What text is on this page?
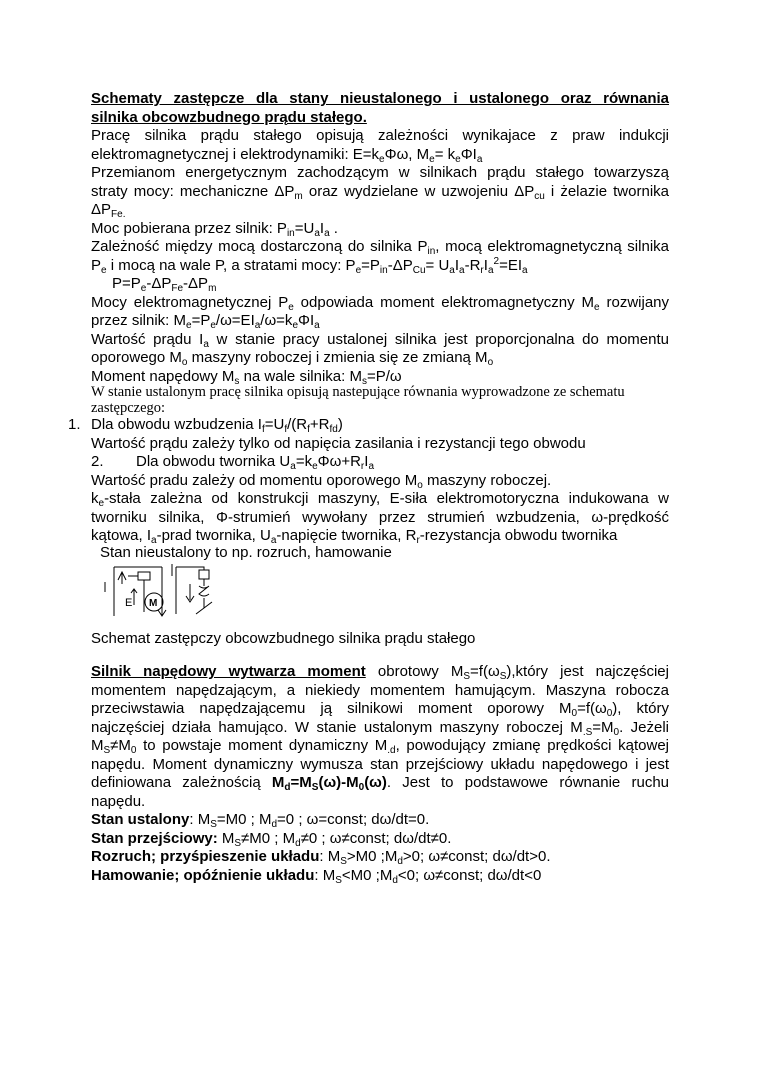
Schematy zastępcze dla stany nieustalonego i ustalonego oraz równania
silnika obcowzbudnego prądu stałego.
Pracę silnika prądu stałego opisują zależności wynikajace z praw indukcji
elektromagnetycznej i elektrodynamiki: $E=k_e\Phi\omega$, $M_e= k_e\Phi I_a$
Przemianom energetycznym zachodzącym w silnikach prądu stałego towarzyszą
straty mocy: mechaniczne $\Delta P_m$ oraz wydzielane w uzwojeniu $\Delta P_{cu}$ i żelazie twornika
$\Delta P_{Fe.}$
Moc pobierana przez silnik: $P_{in}=U_aI_a$ .
Zależność między mocą dostarczoną do silnika $P_{in}$, mocą elektromagnetyczną silnika
$P_e$ i mocą na wale P, a stratami mocy: $P_e=P_{in}-\Delta P_{Cu}= U_aI_a-R_rI_a^2=EI_a$
$P=P_e-\Delta P_{Fe}-\Delta P_m$
Mocy elektromagnetycznej $P_e$ odpowiada moment elektromagnetyczny $M_e$ rozwijany
przez silnik: $M_e=P_e/\omega=EI_a/\omega=k_e\Phi I_a$
Wartość prądu $I_a$ w stanie pracy ustalonej silnika jest proporcjonalna do momentu
oporowego $M_o$ maszyny roboczej i zmienia się ze zmianą $M_o$
Moment napędowy $M_s$ na wale silnika: $M_s=P/\omega$
W stanie ustalonym pracę silnika opisują nastepujące równania wyprowadzone ze schematu
zastępczego:
1. Dla obwodu wzbudzenia $I_f=U_f/(R_f+R_{fd})$
Wartość prądu zależy tylko od napięcia zasilania i rezystancji tego obwodu
2. Dla obwodu twornika $U_a=k_e\Phi\omega+R_rI_a$
Wartość pradu zależy od momentu oporowego $M_o$ maszyny roboczej.
$k_e$-stała zależna od konstrukcji maszyny, E-siła elektromotoryczna indukowana w
tworniku silnika, Φ-strumień wywołany przez strumień wzbudzenia, ω-prędkość
kątowa, $I_a$-prad twornika, $U_a$-napięcie twornika, $R_r$-rezystancja obwodu twornika
Stan nieustalony to np. rozruch, hamowanie
E M
Schemat zastępczy obcowzbudnego silnika prądu stałego
Silnik napędowy wytwarza moment obrotowy $M_S=f(\omega_S),który$ jest najczęściej
momentem napędzającym, a niekiedy momentem hamującym. Maszyna robocza
przeciwstawia napędzającemu ją silnikowi moment oporowy $M_0=f(\omega_0)$, który
najczęściej działa hamująco. W stanie ustalonym maszyny roboczej $M_{.S}=M_0$. Jeżeli
$M_S\ne M_0$ to powstaje moment dynamiczny $M_{.d}$, powodujący zmianę prędkości kątowej
napędu. Moment dynamiczny wymusza stan przejściowy układu napędowego i jest
definiowana zależnością $M_d=M_S(\omega)-M_0(\omega)$. Jest to podstawowe równanie ruchu
napędu.
Stan ustalony: $M_S=M0$ ; $M_d=0$ ; ω=const; dω/dt=0.
Stan przejściowy: $M_S\ne M0$ ; $M_d\ne 0$ ; ω≠const; dω/dt≠0.
Rozruch; przyśpieszenie układu: $M_S>M0$ $;M_d>0$; ω≠const; dω/dt>0.
Hamowanie; opóźnienie układu: $M_S<M0$ $;M_d<0$; ω≠const; dω/dt<0
